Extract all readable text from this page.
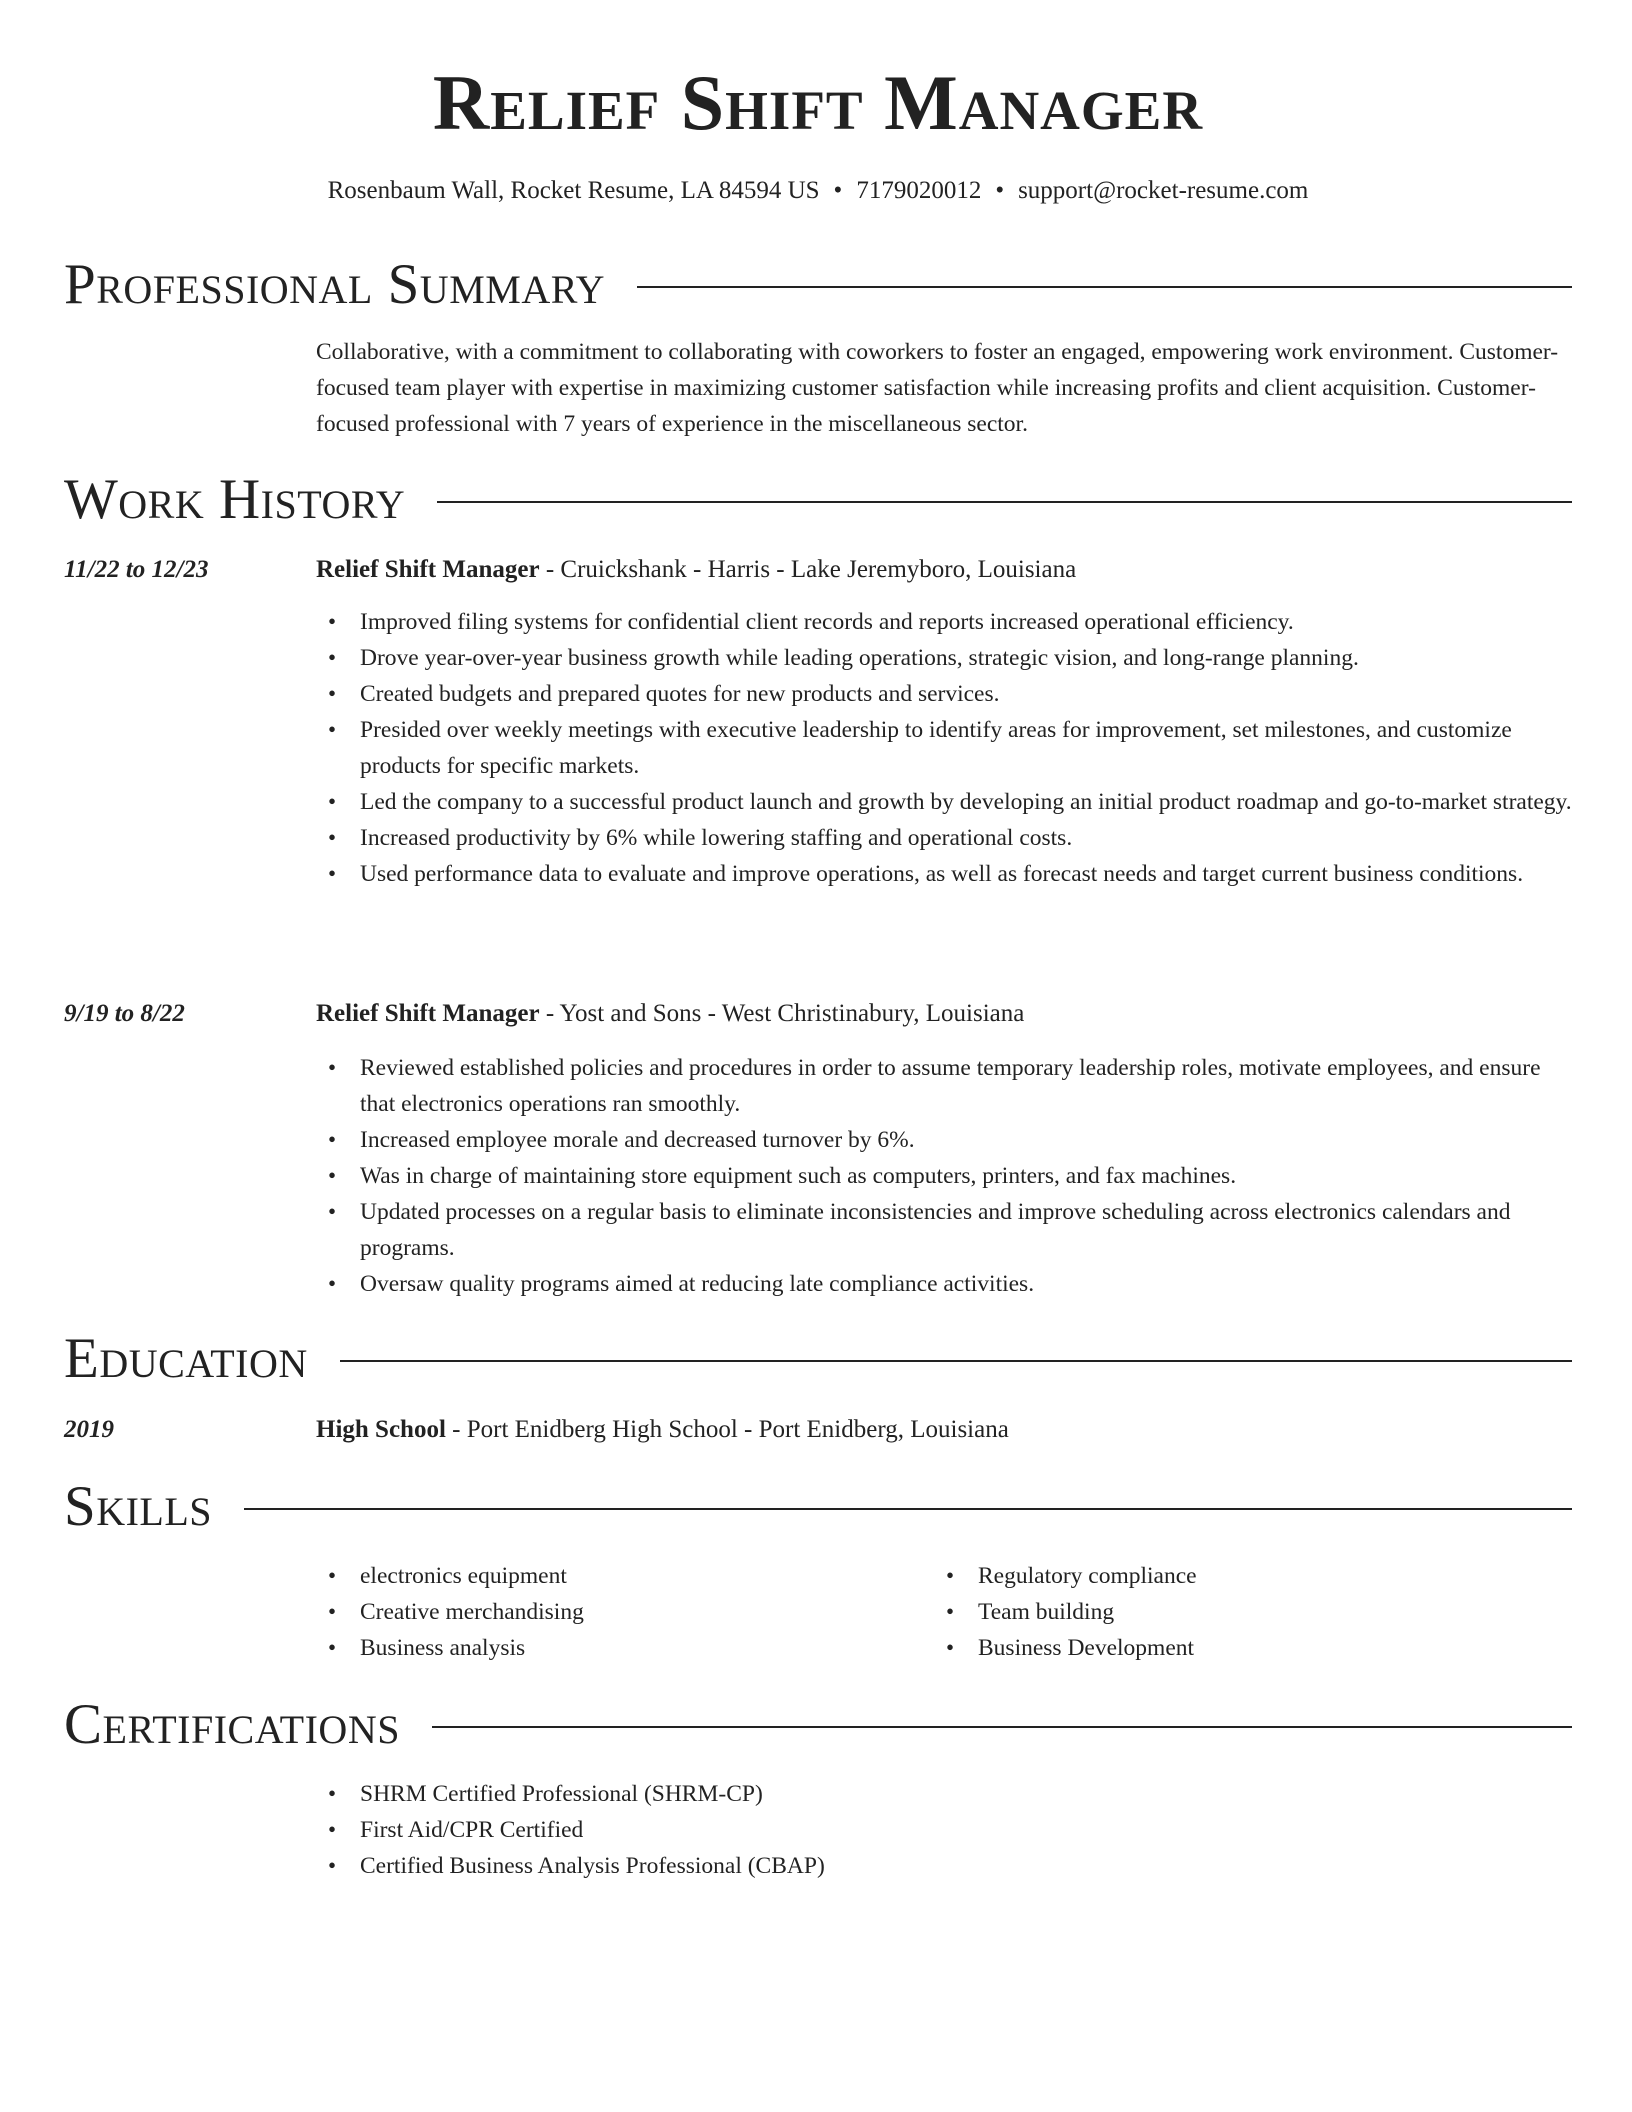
Relief Shift Manager
Rosenbaum Wall, Rocket Resume, LA 84594 US • 7179020012 • support@rocket-resume.com
Professional Summary

Collaborative, with a commitment to collaborating with coworkers to foster an engaged, empowering work environment. Customer-focused team player with expertise in maximizing customer satisfaction while increasing profits and client acquisition. Customer-focused professional with 7 years of experience in the miscellaneous sector.

Work History
11/22 to 12/23	Relief Shift Manager - Cruickshank - Harris - Lake Jeremyboro, Louisiana
• Improved filing systems for confidential client records and reports increased operational efficiency.
• Drove year-over-year business growth while leading operations, strategic vision, and long-range planning.
• Created budgets and prepared quotes for new products and services.
• Presided over weekly meetings with executive leadership to identify areas for improvement, set milestones, and customize products for specific markets.
• Led the company to a successful product launch and growth by developing an initial product roadmap and go-to-market strategy.
• Increased productivity by 6% while lowering staffing and operational costs.
• Used performance data to evaluate and improve operations, as well as forecast needs and target current business conditions.
9/19 to 8/22	Relief Shift Manager - Yost and Sons - West Christinabury, Louisiana
• Reviewed established policies and procedures in order to assume temporary leadership roles, motivate employees, and ensure that electronics operations ran smoothly.
• Increased employee morale and decreased turnover by 6%.
• Was in charge of maintaining store equipment such as computers, printers, and fax machines.
• Updated processes on a regular basis to eliminate inconsistencies and improve scheduling across electronics calendars and programs.
• Oversaw quality programs aimed at reducing late compliance activities.
Education
2019	High School - Port Enidberg High School - Port Enidberg, Louisiana
Skills
• electronics equipment
• Creative merchandising
• Business analysis
• Regulatory compliance
• Team building
• Business Development
Certifications
• SHRM Certified Professional (SHRM-CP)
• First Aid/CPR Certified
• Certified Business Analysis Professional (CBAP)
